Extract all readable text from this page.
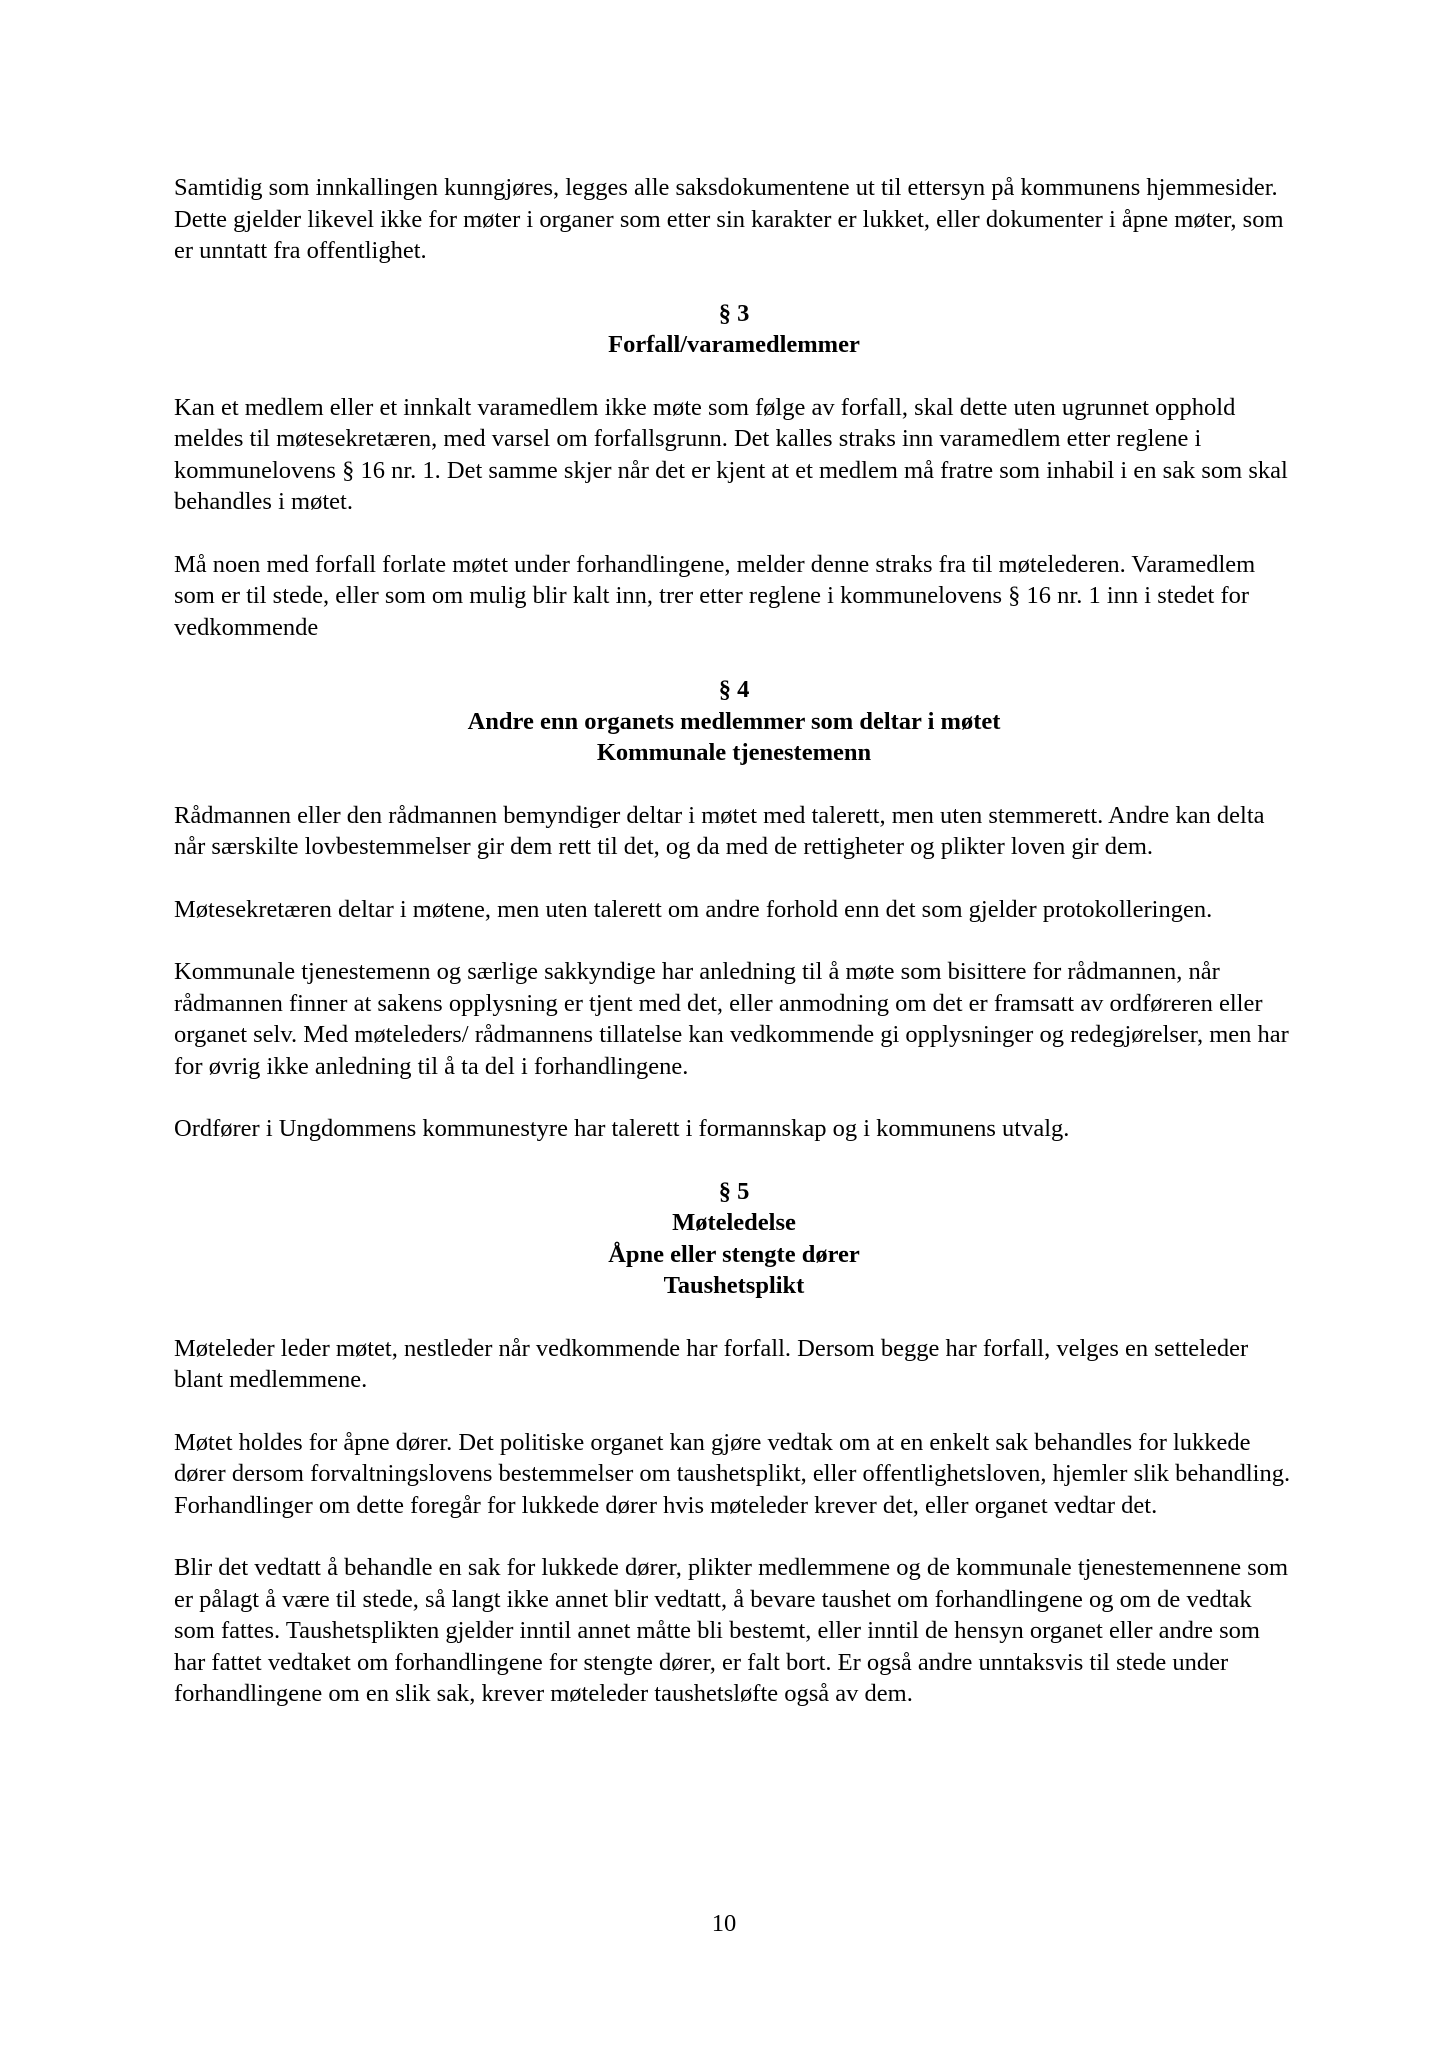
Samtidig som innkallingen kunngjøres, legges alle saksdokumentene ut til ettersyn på kommunens hjemmesider. Dette gjelder likevel ikke for møter i organer som etter sin karakter er lukket, eller dokumenter i åpne møter, som er unntatt fra offentlighet.

§ 3
Forfall/varamedlemmer

Kan et medlem eller et innkalt varamedlem ikke møte som følge av forfall, skal dette uten ugrunnet opphold meldes til møtesekretæren, med varsel om forfallsgrunn. Det kalles straks inn varamedlem etter reglene i kommunelovens § 16 nr. 1. Det samme skjer når det er kjent at et medlem må fratre som inhabil i en sak som skal behandles i møtet.

Må noen med forfall forlate møtet under forhandlingene, melder denne straks fra til møtelederen. Varamedlem som er til stede, eller som om mulig blir kalt inn, trer etter reglene i kommunelovens § 16 nr. 1 inn i stedet for vedkommende

§ 4
Andre enn organets medlemmer som deltar i møtet
Kommunale tjenestemenn

Rådmannen eller den rådmannen bemyndiger deltar i møtet med talerett, men uten stemmerett. Andre kan delta når særskilte lovbestemmelser gir dem rett til det, og da med de rettigheter og plikter loven gir dem.

Møtesekretæren deltar i møtene, men uten talerett om andre forhold enn det som gjelder protokolleringen.

Kommunale tjenestemenn og særlige sakkyndige har anledning til å møte som bisittere for rådmannen, når rådmannen finner at sakens opplysning er tjent med det, eller anmodning om det er framsatt av ordføreren eller organet selv. Med møteleders/ rådmannens tillatelse kan vedkommende gi opplysninger og redegjørelser, men har for øvrig ikke anledning til å ta del i forhandlingene.

Ordfører i Ungdommens kommunestyre har talerett i formannskap og i kommunens utvalg.

§ 5
Møteledelse
Åpne eller stengte dører
Taushetsplikt

Møteleder leder møtet, nestleder når vedkommende har forfall. Dersom begge har forfall, velges en setteleder blant medlemmene.

Møtet holdes for åpne dører. Det politiske organet kan gjøre vedtak om at en enkelt sak behandles for lukkede dører dersom forvaltningslovens bestemmelser om taushetsplikt, eller offentlighetsloven, hjemler slik behandling. Forhandlinger om dette foregår for lukkede dører hvis møteleder krever det, eller organet vedtar det.

Blir det vedtatt å behandle en sak for lukkede dører, plikter medlemmene og de kommunale tjenestemennene som er pålagt å være til stede, så langt ikke annet blir vedtatt, å bevare taushet om forhandlingene og om de vedtak som fattes. Taushetsplikten gjelder inntil annet måtte bli bestemt, eller inntil de hensyn organet eller andre som har fattet vedtaket om forhandlingene for stengte dører, er falt bort. Er også andre unntaksvis til stede under forhandlingene om en slik sak, krever møteleder taushetsløfte også av dem.

10
